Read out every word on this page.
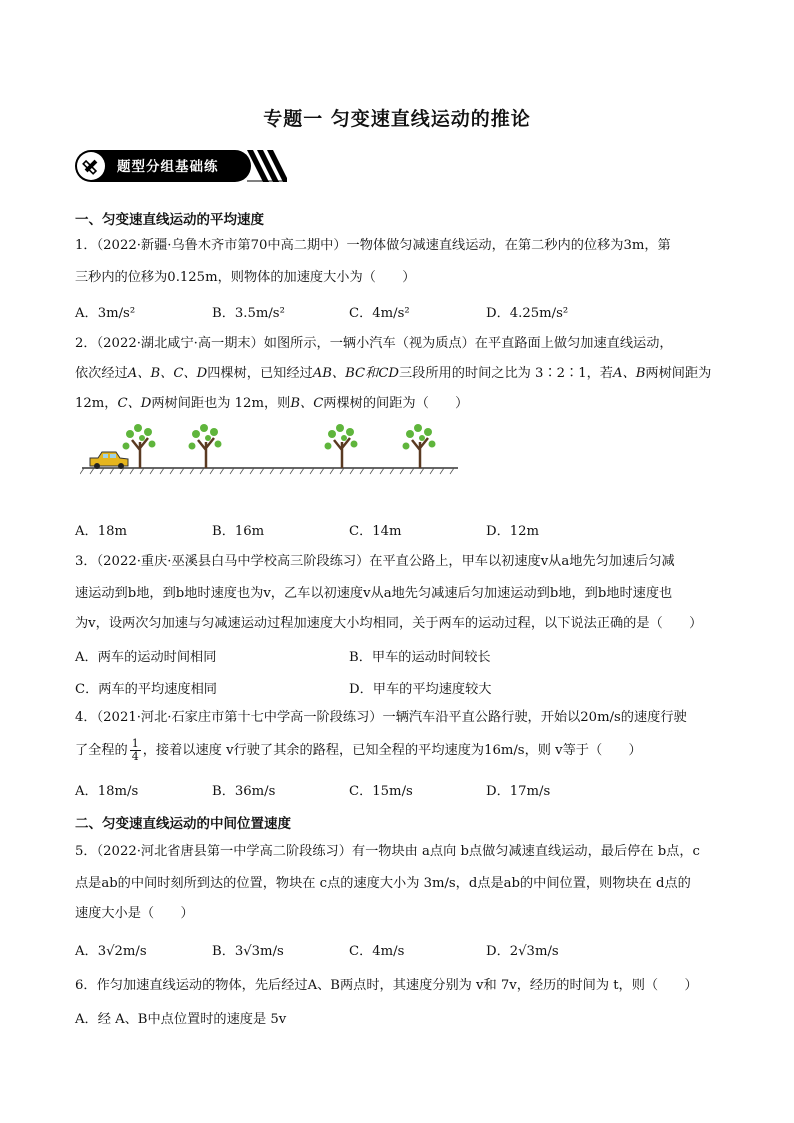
专题一 匀变速直线运动的推论
题型分组基础练
一、匀变速直线运动的平均速度
1．（2022·新疆·乌鲁木齐市第70中高二期中）一物体做匀减速直线运动，在第二秒内的位移为3m，第
三秒内的位移为0.125m，则物体的加速度大小为（　　）
A．3m/s²	B．3.5m/s²	C．4m/s²	D．4.25m/s²
2．（2022·湖北咸宁·高一期末）如图所示，一辆小汽车（视为质点）在平直路面上做匀加速直线运动，
依次经过A、B、C、D四棵树，已知经过AB、BC和CD三段所用的时间之比为 3∶2∶1，若A、B两树间距为
12m，C、D两树间距也为 12m，则B、C两棵树的间距为（　　）
A．18m	B．16m	C．14m	D．12m
3．（2022·重庆·巫溪县白马中学校高三阶段练习）在平直公路上，甲车以初速度v从a地先匀加速后匀减
速运动到b地，到b地时速度也为v，乙车以初速度v从a地先匀减速后匀加速运动到b地，到b地时速度也
为v，设两次匀加速与匀减速运动过程加速度大小均相同，关于两车的运动过程，以下说法正确的是（　　）
A．两车的运动时间相同	B．甲车的运动时间较长
C．两车的平均速度相同	D．甲车的平均速度较大
4．（2021·河北·石家庄市第十七中学高一阶段练习）一辆汽车沿平直公路行驶，开始以20m/s的速度行驶
了全程的 $\frac{1}{4}$ ，接着以速度 v行驶了其余的路程，已知全程的平均速度为16m/s，则 v等于（　　）
A．18m/s	B．36m/s	C．15m/s	D．17m/s
二、匀变速直线运动的中间位置速度
5．（2022·河北省唐县第一中学高二阶段练习）有一物块由 a点向 b点做匀减速直线运动，最后停在 b点，c
点是ab的中间时刻所到达的位置，物块在 c点的速度大小为 3m/s，d点是ab的中间位置，则物块在 d点的
速度大小是（　　）
A．3√2m/s	B．3√3m/s	C．4m/s	D．2√3m/s
6．作匀加速直线运动的物体，先后经过A、B两点时，其速度分别为 v和 7v，经历的时间为 t，则（　　）
A．经 A、B中点位置时的速度是 5v
